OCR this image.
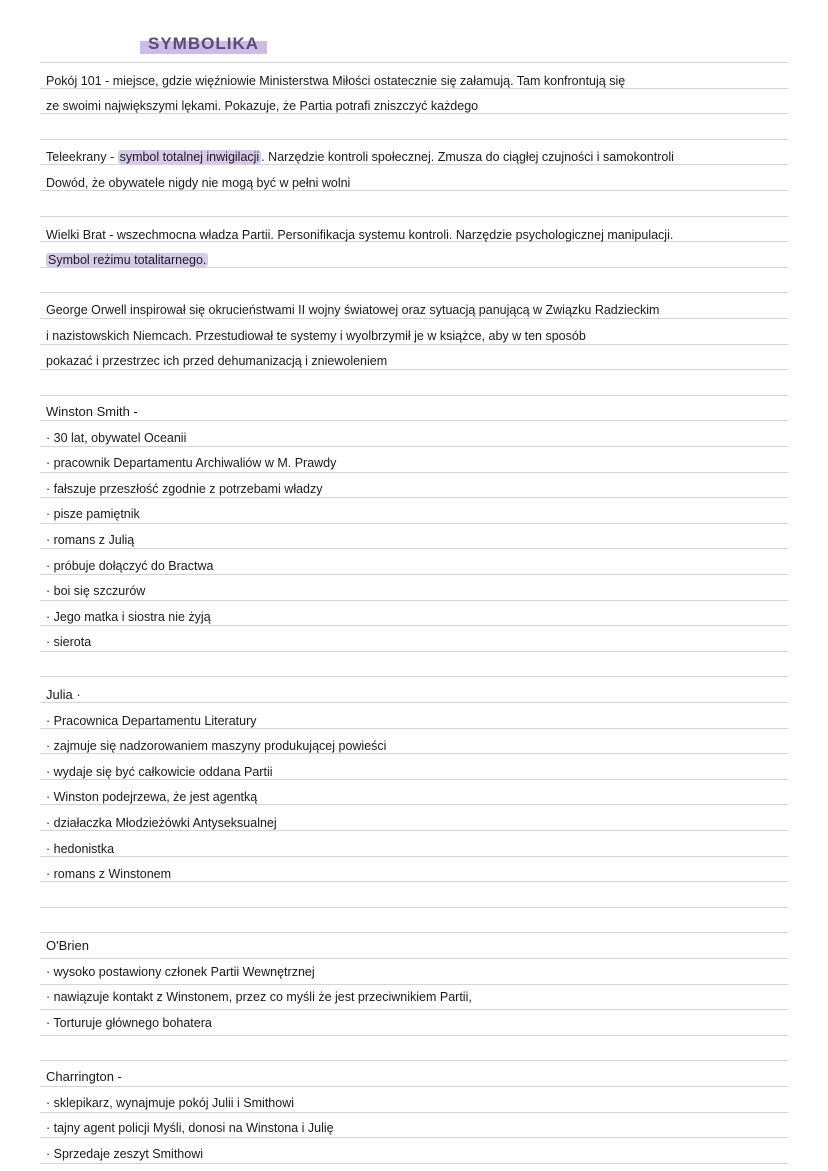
SYMBOLIKA
Pokój 101 - miejsce, gdzie więźniowie Ministerstwa Miłości ostatecznie się załamują. Tam konfrontują się
ze swoimi największymi lękami. Pokazuje, że Partia potrafi zniszczyć każdego
Teleekrany - symbol totalnej inwigilacji . Narzędzie kontroli społecznej. Zmusza do ciągłej czujności i samokontroli
Dowód, że obywatele nigdy nie mogą być w pełni wolni
Wielki Brat - wszechmocna władza Partii. Personifikacja systemu kontroli. Narzędzie psychologicznej manipulacji.
Symbol reżimu totalitarnego.
George Orwell inspirował się okrucieństwami II wojny światowej oraz sytuacją panującą w Związku Radzieckim
i nazistowskich Niemcach. Przestudiował te systemy i wyolbrzymił je w książce, aby w ten sposób
pokazać i przestrzec ich przed dehumanizacją i zniewoleniem
Winston Smith -
· 30 lat, obywatel Oceanii
· pracownik Departamentu Archiwaliów w M. Prawdy
· fałszuje przeszłość zgodnie z potrzebami władzy
· pisze pamiętnik
· romans z Julią
· próbuje dołączyć do Bractwa
· boi się szczurów
· Jego matka i siostra nie żyją
· sierota
Julia ·
· Pracownica Departamentu Literatury
· zajmuje się nadzorowaniem maszyny produkującej powieści
· wydaje się być całkowicie oddana Partii
· Winston podejrzewa, że jest agentką
· działaczka Młodzieżówki Antyseksualnej
· hedonistka
· romans z Winstonem
O'Brien
· wysoko postawiony członek Partii Wewnętrznej
· nawiązuje kontakt z Winstonem, przez co myśli że jest przeciwnikiem Partii,
· Torturuje głównego bohatera
Charrington -
· sklepikarz, wynajmuje pokój Julii i Smithowi
· tajny agent policji Myśli, donosi na Winstona i Julię
· Sprzedaje zeszyt Smithowi
